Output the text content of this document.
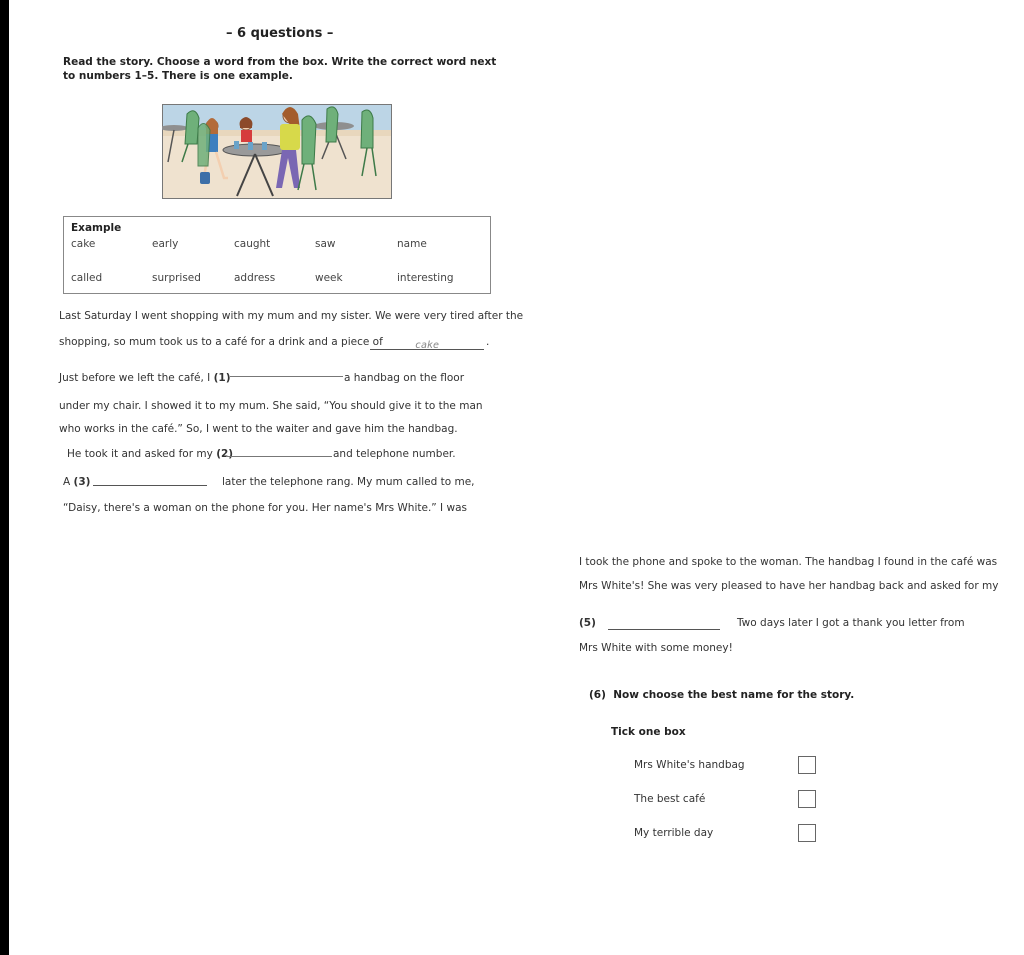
– 6 questions –
Read the story. Choose a word from the box. Write the correct word next
to numbers 1–5. There is one example.
Example
cake	early	caught	saw	name
called	surprised	address	week	interesting
Last Saturday I went shopping with my mum and my sister. We were very tired after the
shopping, so mum took us to a café for a drink and a piece of	cake	.
Just before we left the café, I (1)	a handbag on the floor
under my chair. I showed it to my mum. She said, “You should give it to the man
who works in the café.” So, I went to the waiter and gave him the handbag.
He took it and asked for my (2)	and telephone number.
A (3)	later the telephone rang. My mum called to me,
“Daisy, there's a woman on the phone for you. Her name's Mrs White.” I was
I took the phone and spoke to the woman. The handbag I found in the café was
Mrs White's! She was very pleased to have her handbag back and asked for my
(5)	Two days later I got a thank you letter from
Mrs White with some money!
(6) Now choose the best name for the story.
Tick one box
Mrs White's handbag
The best café
My terrible day
